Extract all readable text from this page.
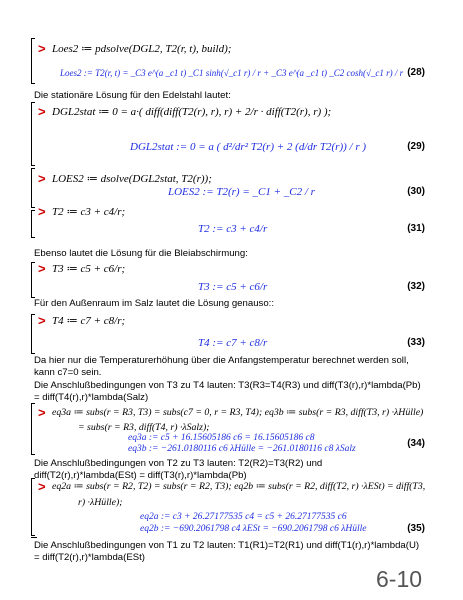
> Loes2 ≔ pdsolve(DGL2, T2(r, t), build);
Loes2 := T2(r, t) = _C3 e^(a _c1 t) _C1 sinh(√_c1 r) / r + _C3 e^(a _c1 t) _C2 cosh(√_c1 r) / r (28)
Die stationäre Lösung für den Edelstahl lautet:
> DGL2stat ≔ 0 = a·( diff(diff(T2(r), r), r) + 2/r · diff(T2(r), r) );
DGL2stat := 0 = a ( d²/dr² T2(r) + 2 (d/dr T2(r)) / r )	(29)
> LOES2 ≔ dsolve(DGL2stat, T2(r));
LOES2 := T2(r) = _C1 + _C2 / r	(30)
> T2 ≔ c3 + c4/r;
T2 := c3 + c4/r	(31)
Ebenso lautet die Lösung für die Bleiabschirmung:
> T3 ≔ c5 + c6/r;
T3 := c5 + c6/r	(32)
Für den Außenraum im Salz lautet die Lösung genauso::
> T4 ≔ c7 + c8/r;
T4 := c7 + c8/r	(33)
Da hier nur die Temperaturerhöhung über die Anfangstemperatur berechnet werden soll, kann c7=0 sein.
Die Anschlußbedingungen von T3 zu T4 lauten: T3(R3=T4(R3) und diff(T3(r),r)*lambda(Pb) = diff(T4(r),r)*lambda(Salz)
> eq3a ≔ subs(r = R3, T3) = subs(c7 = 0, r = R3, T4); eq3b ≔ subs(r = R3, diff(T3, r) ·λHülle)
= subs(r = R3, diff(T4, r) ·λSalz);
eq3a := c5 + 16.15605186 c6 = 16.15605186 c8
eq3b := −261.0180116 c6 λHülle = −261.0180116 c8 λSalz	(34)
Die Anschlußbedingungen von T2 zu T3 lauten: T2(R2)=T3(R2) und diff(T2(r),r)*lambda(ESt) = diff(T3(r),r)*lambda(Pb)
> eq2a ≔ subs(r = R2, T2) = subs(r = R2, T3); eq2b ≔ subs(r = R2, diff(T2, r) ·λESt) = diff(T3,
r) ·λHülle);
eq2a := c3 + 26.27177535 c4 = c5 + 26.27177535 c6
eq2b := −690.2061798 c4 λESt = −690.2061798 c6 λHülle	(35)
Die Anschlußbedingungen von T1 zu T2 lauten: T1(R1)=T2(R1) und diff(T1(r),r)*lambda(U) = diff(T2(r),r)*lambda(ESt)
6-10
